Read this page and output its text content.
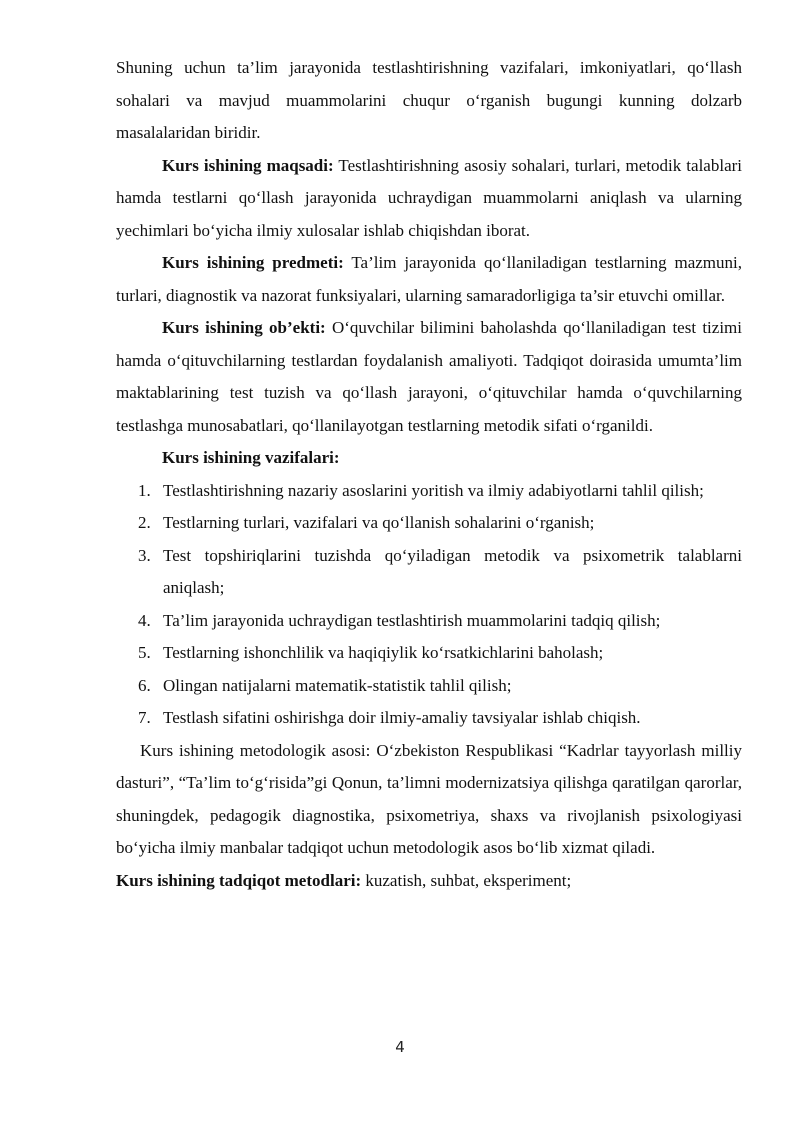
Shuning uchun ta’lim jarayonida testlashtirishning vazifalari, imkoniyatlari, qo‘llash sohalari va mavjud muammolarini chuqur o‘rganish bugungi kunning dolzarb masalalaridan biridir.

Kurs ishining maqsadi: Testlashtirishning asosiy sohalari, turlari, metodik talablari hamda testlarni qo‘llash jarayonida uchraydigan muammolarni aniqlash va ularning yechimlari bo‘yicha ilmiy xulosalar ishlab chiqishdan iborat.

Kurs ishining predmeti: Ta’lim jarayonida qo‘llaniladigan testlarning mazmuni, turlari, diagnostik va nazorat funksiyalari, ularning samaradorligiga ta’sir etuvchi omillar.

Kurs ishining ob’ekti: O‘quvchilar bilimini baholashda qo‘llaniladigan test tizimi hamda o‘qituvchilarning testlardan foydalanish amaliyoti. Tadqiqot doirasida umumta’lim maktablarining test tuzish va qo‘llash jarayoni, o‘qituvchilar hamda o‘quvchilarning testlashga munosabatlari, qo‘llanilayotgan testlarning metodik sifati o‘rganildi.

Kurs ishining vazifalari:
1. Testlashtirishning nazariy asoslarini yoritish va ilmiy adabiyotlarni tahlil qilish;
2. Testlarning turlari, vazifalari va qo‘llanish sohalarini o‘rganish;
3. Test topshiriqlarini tuzishda qo‘yiladigan metodik va psixometrik talablarni aniqlash;
4. Ta’lim jarayonida uchraydigan testlashtirish muammolarini tadqiq qilish;
5. Testlarning ishonchlilik va haqiqiylik ko‘rsatkichlarini baholash;
6. Olingan natijalarni matematik-statistik tahlil qilish;
7. Testlash sifatini oshirishga doir ilmiy-amaliy tavsiyalar ishlab chiqish.

Kurs ishining metodologik asosi: O‘zbekiston Respublikasi “Kadrlar tayyorlash milliy dasturi”, “Ta’lim to‘g‘risida”gi Qonun, ta’limni modernizatsiya qilishga qaratilgan qarorlar, shuningdek, pedagogik diagnostika, psixometriya, shaxs va rivojlanish psixologiyasi bo‘yicha ilmiy manbalar tadqiqot uchun metodologik asos bo‘lib xizmat qiladi.

Kurs ishining tadqiqot metodlari: kuzatish, suhbat, eksperiment;

4
